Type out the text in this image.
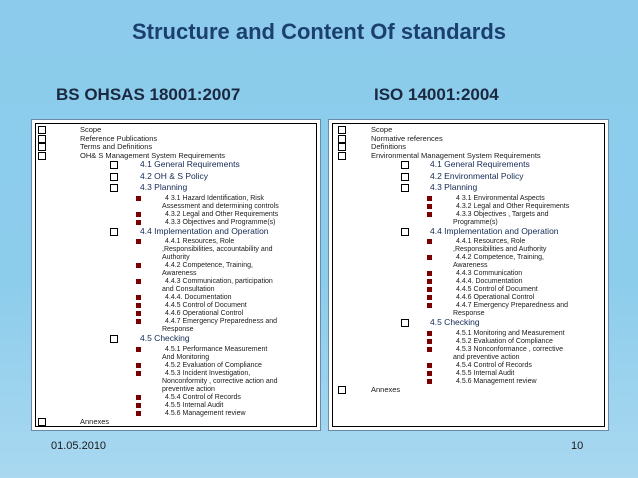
Structure and Content Of standards
BS OHSAS 18001:2007	ISO 14001:2004
Scope
Reference Publications
Terms and Definitions
OH& S Management System Requirements
4.1 General Requirements
4.2 OH & S Policy
4.3 Planning
4 3.1 Hazard Identification, Risk
Assessment and determining controls
4.3.2 Legal and Other Requirements
4.3.3 Objectives and Programme(s)
4.4 Implementation and Operation
4.4.1 Resources, Role
,Responsibilities, accountability and
Authority
4.4.2 Competence, Training,
Awareness
4.4.3 Communication, participation
and Consultation
4.4.4. Documentation
4.4.5 Control of Document
4.4.6 Operational Control
4.4.7 Emergency Preparedness and
Response
4.5 Checking
4.5.1 Performance Measurement
And Monitoring
4.5.2 Evaluation of Compliance
4.5.3 Incident Investigation,
Nonconformity , corrective action and
preventive action
4.5.4 Control of Records
4.5.5 Internal Audit
4.5.6 Management review
Annexes
Scope
Normative references
Definitions
Environmental Management System Requirements
4.1 General Requirements
4.2 Environmental Policy
4.3 Planning
4 3.1 Environmental Aspects
4.3.2 Legal and Other Requirements
4.3.3 Objectives , Targets and
Programme(s)
4.4 Implementation and Operation
4.4.1 Resources, Role
,Responsibilities and Authority
4.4.2 Competence, Training,
Awareness
4.4.3 Communication
4.4.4. Documentation
4.4.5 Control of Document
4.4.6 Operational Control
4.4.7 Emergency Preparedness and
Response
4.5 Checking
4.5.1 Monitoring and Measurement
4.5.2 Evaluation of Compliance
4.5.3 Nonconformance , corrective
and preventive action
4.5.4 Control of Records
4.5.5 Internal Audit
4.5.6 Management review
Annexes
01.05.2010	10
